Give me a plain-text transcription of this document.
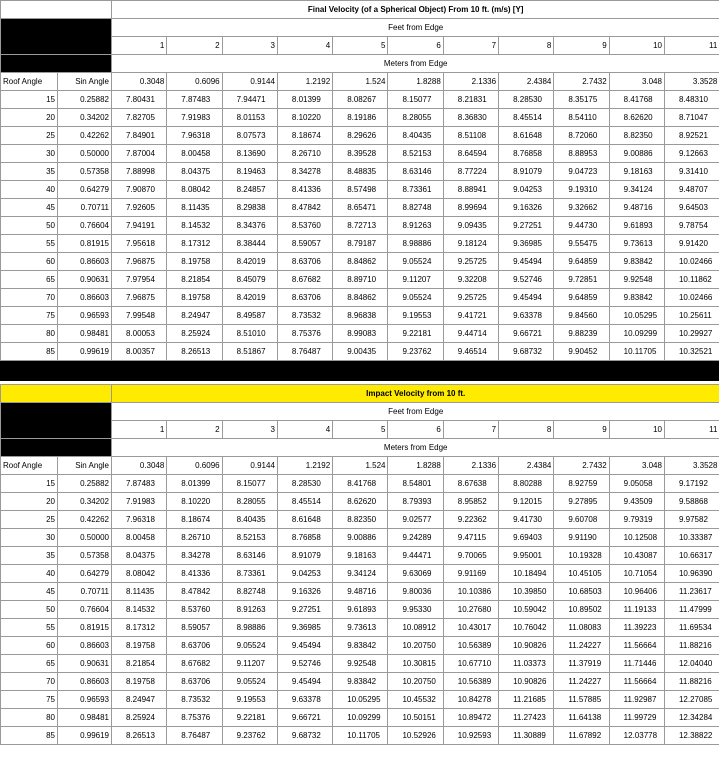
		Final Velocity (of a Spherical Object) From 10 ft. (m/s) [Y]										
		Feet from Edge										
		1	2	3	4	5	6	7	8	9	10	11
		Meters from Edge										
Roof Angle	Sin Angle	0.3048	0.6096	0.9144	1.2192	1.524	1.8288	2.1336	2.4384	2.7432	3.048	3.3528
15	0.25882	7.80431	7.87483	7.94471	8.01399	8.08267	8.15077	8.21831	8.28530	8.35175	8.41768	8.48310
20	0.34202	7.82705	7.91983	8.01153	8.10220	8.19186	8.28055	8.36830	8.45514	8.54110	8.62620	8.71047
25	0.42262	7.84901	7.96318	8.07573	8.18674	8.29626	8.40435	8.51108	8.61648	8.72060	8.82350	8.92521
30	0.50000	7.87004	8.00458	8.13690	8.26710	8.39528	8.52153	8.64594	8.76858	8.88953	9.00886	9.12663
35	0.57358	7.88998	8.04375	8.19463	8.34278	8.48835	8.63146	8.77224	8.91079	9.04723	9.18163	9.31410
40	0.64279	7.90870	8.08042	8.24857	8.41336	8.57498	8.73361	8.88941	9.04253	9.19310	9.34124	9.48707
45	0.70711	7.92605	8.11435	8.29838	8.47842	8.65471	8.82748	8.99694	9.16326	9.32662	9.48716	9.64503
50	0.76604	7.94191	8.14532	8.34376	8.53760	8.72713	8.91263	9.09435	9.27251	9.44730	9.61893	9.78754
55	0.81915	7.95618	8.17312	8.38444	8.59057	8.79187	8.98886	9.18124	9.36985	9.55475	9.73613	9.91420
60	0.86603	7.96875	8.19758	8.42019	8.63706	8.84862	9.05524	9.25725	9.45494	9.64859	9.83842	10.02466
65	0.90631	7.97954	8.21854	8.45079	8.67682	8.89710	9.11207	9.32208	9.52746	9.72851	9.92548	10.11862
70	0.86603	7.96875	8.19758	8.42019	8.63706	8.84862	9.05524	9.25725	9.45494	9.64859	9.83842	10.02466
75	0.96593	7.99548	8.24947	8.49587	8.73532	8.96838	9.19553	9.41721	9.63378	9.84560	10.05295	10.25611
80	0.98481	8.00053	8.25924	8.51010	8.75376	8.99083	9.22181	9.44714	9.66721	9.88239	10.09299	10.29927
85	0.99619	8.00357	8.26513	8.51867	8.76487	9.00435	9.23762	9.46514	9.68732	9.90452	10.11705	10.32521
		Impact Velocity from 10 ft.										
		Feet from Edge										
		1	2	3	4	5	6	7	8	9	10	11
		Meters from Edge										
Roof Angle	Sin Angle	0.3048	0.6096	0.9144	1.2192	1.524	1.8288	2.1336	2.4384	2.7432	3.048	3.3528
15	0.25882	7.87483	8.01399	8.15077	8.28530	8.41768	8.54801	8.67638	8.80288	8.92759	9.05058	9.17192
20	0.34202	7.91983	8.10220	8.28055	8.45514	8.62620	8.79393	8.95852	9.12015	9.27895	9.43509	9.58868
25	0.42262	7.96318	8.18674	8.40435	8.61648	8.82350	9.02577	9.22362	9.41730	9.60708	9.79319	9.97582
30	0.50000	8.00458	8.26710	8.52153	8.76858	9.00886	9.24289	9.47115	9.69403	9.91190	10.12508	10.33387
35	0.57358	8.04375	8.34278	8.63146	8.91079	9.18163	9.44471	9.70065	9.95001	10.19328	10.43087	10.66317
40	0.64279	8.08042	8.41336	8.73361	9.04253	9.34124	9.63069	9.91169	10.18494	10.45105	10.71054	10.96390
45	0.70711	8.11435	8.47842	8.82748	9.16326	9.48716	9.80036	10.10386	10.39850	10.68503	10.96406	11.23617
50	0.76604	8.14532	8.53760	8.91263	9.27251	9.61893	9.95330	10.27680	10.59042	10.89502	11.19133	11.47999
55	0.81915	8.17312	8.59057	8.98886	9.36985	9.73613	10.08912	10.43017	10.76042	11.08083	11.39223	11.69534
60	0.86603	8.19758	8.63706	9.05524	9.45494	9.83842	10.20750	10.56389	10.90826	11.24227	11.56664	11.88216
65	0.90631	8.21854	8.67682	9.11207	9.52746	9.92548	10.30815	10.67710	11.03373	11.37919	11.71446	12.04040
70	0.86603	8.19758	8.63706	9.05524	9.45494	9.83842	10.20750	10.56389	10.90826	11.24227	11.56664	11.88216
75	0.96593	8.24947	8.73532	9.19553	9.63378	10.05295	10.45532	10.84278	11.21685	11.57885	11.92987	12.27085
80	0.98481	8.25924	8.75376	9.22181	9.66721	10.09299	10.50151	10.89472	11.27423	11.64138	11.99729	12.34284
85	0.99619	8.26513	8.76487	9.23762	9.68732	10.11705	10.52926	10.92593	11.30889	11.67892	12.03778	12.38822
